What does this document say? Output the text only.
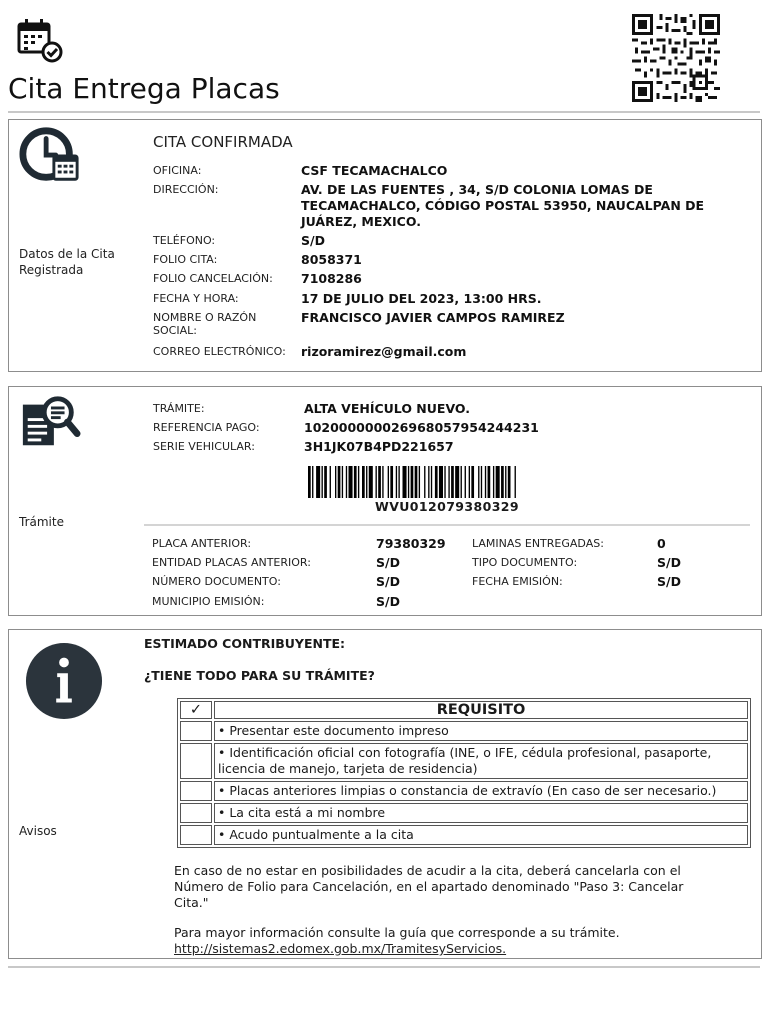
Cita Entrega Placas
Datos de la Cita Registrada
CITA CONFIRMADA
OFICINA:	CSF TECAMACHALCO
DIRECCIÓN:	AV. DE LAS FUENTES , 34, S/D COLONIA LOMAS DE TECAMACHALCO, CÓDIGO POSTAL 53950, NAUCALPAN DE JUÁREZ, MEXICO.
TELÉFONO:	S/D
FOLIO CITA:	8058371
FOLIO CANCELACIÓN: 7108286
FECHA Y HORA:	17 DE JULIO DEL 2023, 13:00 HRS.
NOMBRE O RAZÓN SOCIAL:
FRANCISCO JAVIER CAMPOS RAMIREZ
CORREO ELECTRÓNICO: rizoramirez@gmail.com
Trámite
TRÁMITE:	ALTA VEHÍCULO NUEVO.
REFERENCIA PAGO:	102000000026968057954244231
SERIE VEHICULAR:	3H1JK07B4PD221657
WVU012079380329
PLACA ANTERIOR:	79380329 LAMINAS ENTREGADAS:	0
ENTIDAD PLACAS ANTERIOR:	S/D	TIPO DOCUMENTO:	S/D
NÚMERO DOCUMENTO:	S/D	FECHA EMISIÓN:	S/D
MUNICIPIO EMISIÓN:	S/D
Avisos
ESTIMADO CONTRIBUYENTE:
¿TIENE TODO PARA SU TRÁMITE?
✓	REQUISITO
	• Presentar este documento impreso
	• Identificación oficial con fotografía (INE, o IFE, cédula profesional, pasaporte, licencia de manejo, tarjeta de residencia)
	• Placas anteriores limpias o constancia de extravío (En caso de ser necesario.)
	• La cita está a mi nombre
	• Acudo puntualmente a la cita
En caso de no estar en posibilidades de acudir a la cita, deberá cancelarla con el Número de Folio para Cancelación, en el apartado denominado "Paso 3: Cancelar Cita."
Para mayor información consulte la guía que corresponde a su trámite.
http://sistemas2.edomex.gob.mx/TramitesyServicios.
